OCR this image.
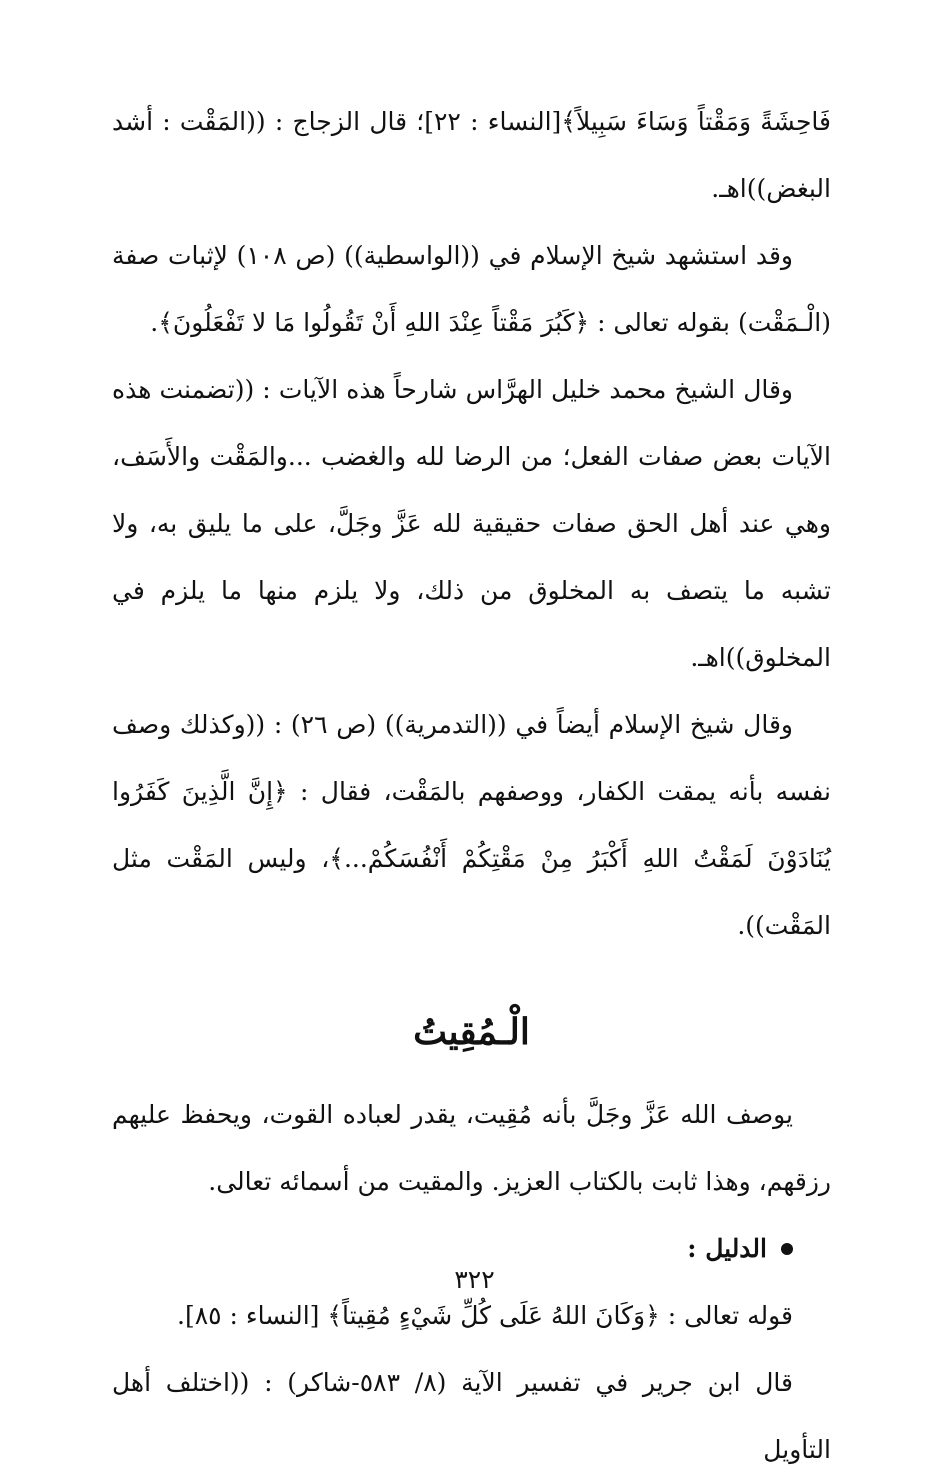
فَاحِشَةً وَمَقْتاً وَسَاءَ سَبِيلاً﴾[النساء : ٢٢]؛ قال الزجاج : ((المَقْت : أشد البغض))اهـ.

وقد استشهد شيخ الإسلام في ((الواسطية)) (ص ١٠٨) لإثبات صفة (الْـمَقْت) بقوله تعالى : ﴿كَبُرَ مَقْتاً عِنْدَ اللهِ أَنْ تَقُولُوا مَا لا تَفْعَلُونَ﴾.

وقال الشيخ محمد خليل الهرَّاس شارحاً هذه الآيات : ((تضمنت هذه الآيات بعض صفات الفعل؛ من الرضا لله والغضب ...والمَقْت والأَسَف، وهي عند أهل الحق صفات حقيقية لله عَزَّ وجَلَّ، على ما يليق به، ولا تشبه ما يتصف به المخلوق من ذلك، ولا يلزم منها ما يلزم في المخلوق))اهـ.

وقال شيخ الإسلام أيضاً في ((التدمرية)) (ص ٢٦) : ((وكذلك وصف نفسه بأنه يمقت الكفار، ووصفهم بالمَقْت، فقال : ﴿إِنَّ الَّذِينَ كَفَرُوا يُنَادَوْنَ لَمَقْتُ اللهِ أَكْبَرُ مِنْ مَقْتِكُمْ أَنْفُسَكُمْ...﴾، وليس المَقْت مثل المَقْت)).

الْـمُقِيتُ

يوصف الله عَزَّ وجَلَّ بأنه مُقِيت، يقدر لعباده القوت، ويحفظ عليهم رزقهم، وهذا ثابت بالكتاب العزيز. والمقيت من أسمائه تعالى.

الدليل :

قوله تعالى : ﴿وَكَانَ اللهُ عَلَى كُلِّ شَيْءٍ مُقِيتاً﴾ [النساء : ٨٥].

قال ابن جرير في تفسير الآية (٨/ ٥٨٣-شاكر) : ((اختلف أهل التأويل

٣٢٢
